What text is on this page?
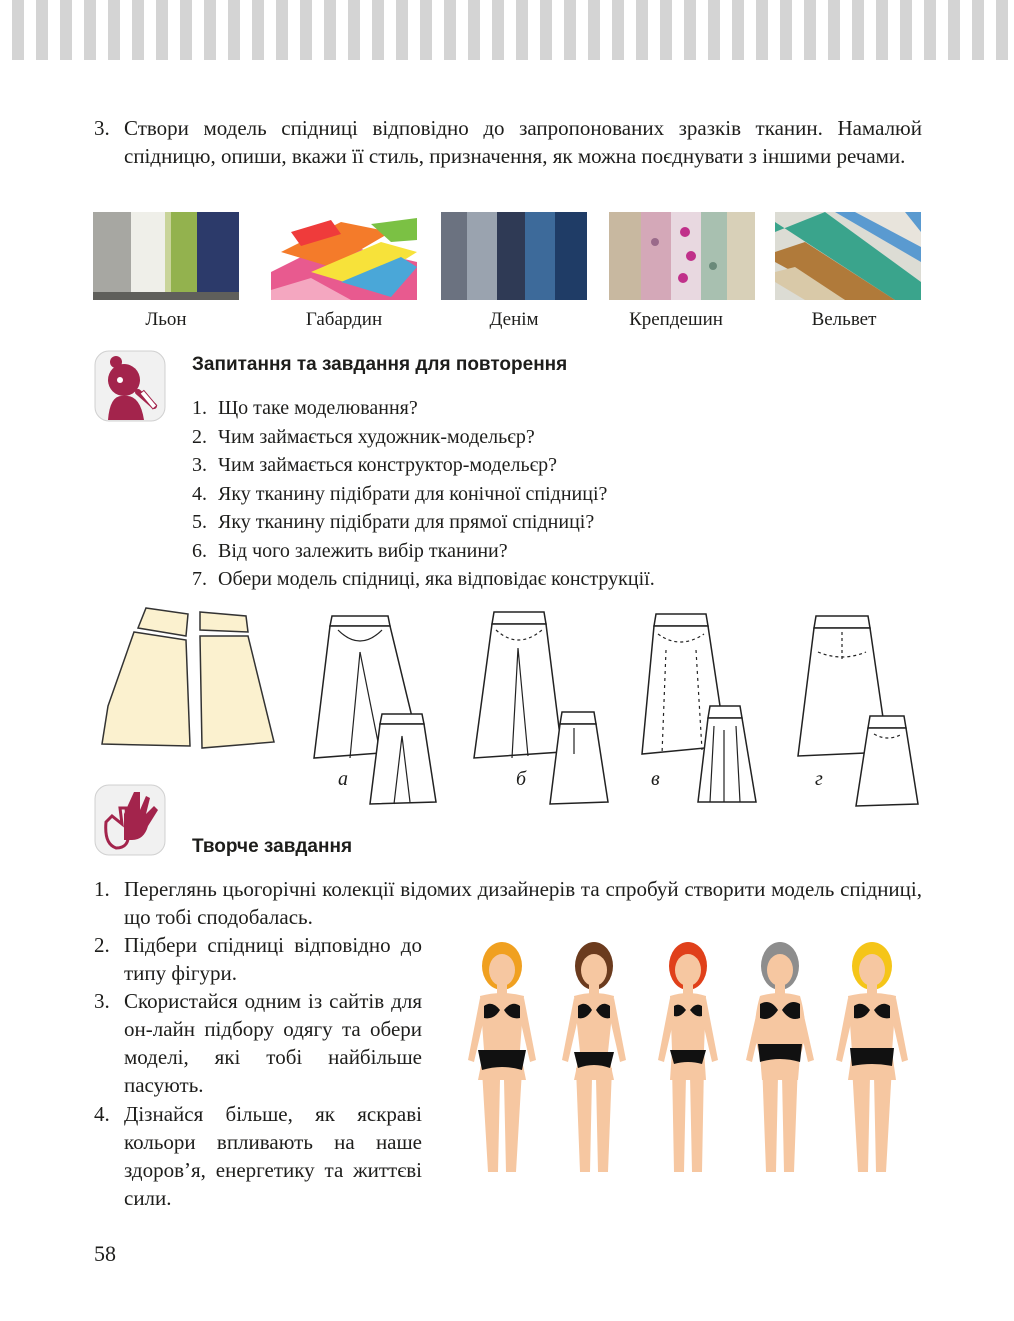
3. Створи модель спідниці відповідно до запропонованих зразків тканин. Намалюй спідницю, опиши, вкажи її стиль, призначення, як можна поєднувати з іншими речами.
Льон	Габардин	Денім	Крепдешин	Вельвет
Запитання та завдання для повторення
1. Що таке моделювання?
2. Чим займається художник-модельєр?
3. Чим займається конструктор-модельєр?
4. Яку тканину підібрати для конічної спідниці?
5. Яку тканину підібрати для прямої спідниці?
6. Від чого залежить вибір тканини?
7. Обери модель спідниці, яка відповідає конструкції.
а	б	в	г
Творче завдання
1. Переглянь цьогорічні колекції відомих дизайнерів та спробуй створити модель спідниці, що тобі сподобалась.
2. Підбери спідниці відповідно до типу фігури.
3. Скористайся одним із сайтів для он-лайн підбору одягу та обери моделі, які тобі найбільше пасують.
4. Дізнайся більше, як яскраві кольори впливають на наше здоров’я, енергетику та життєві сили.
58
